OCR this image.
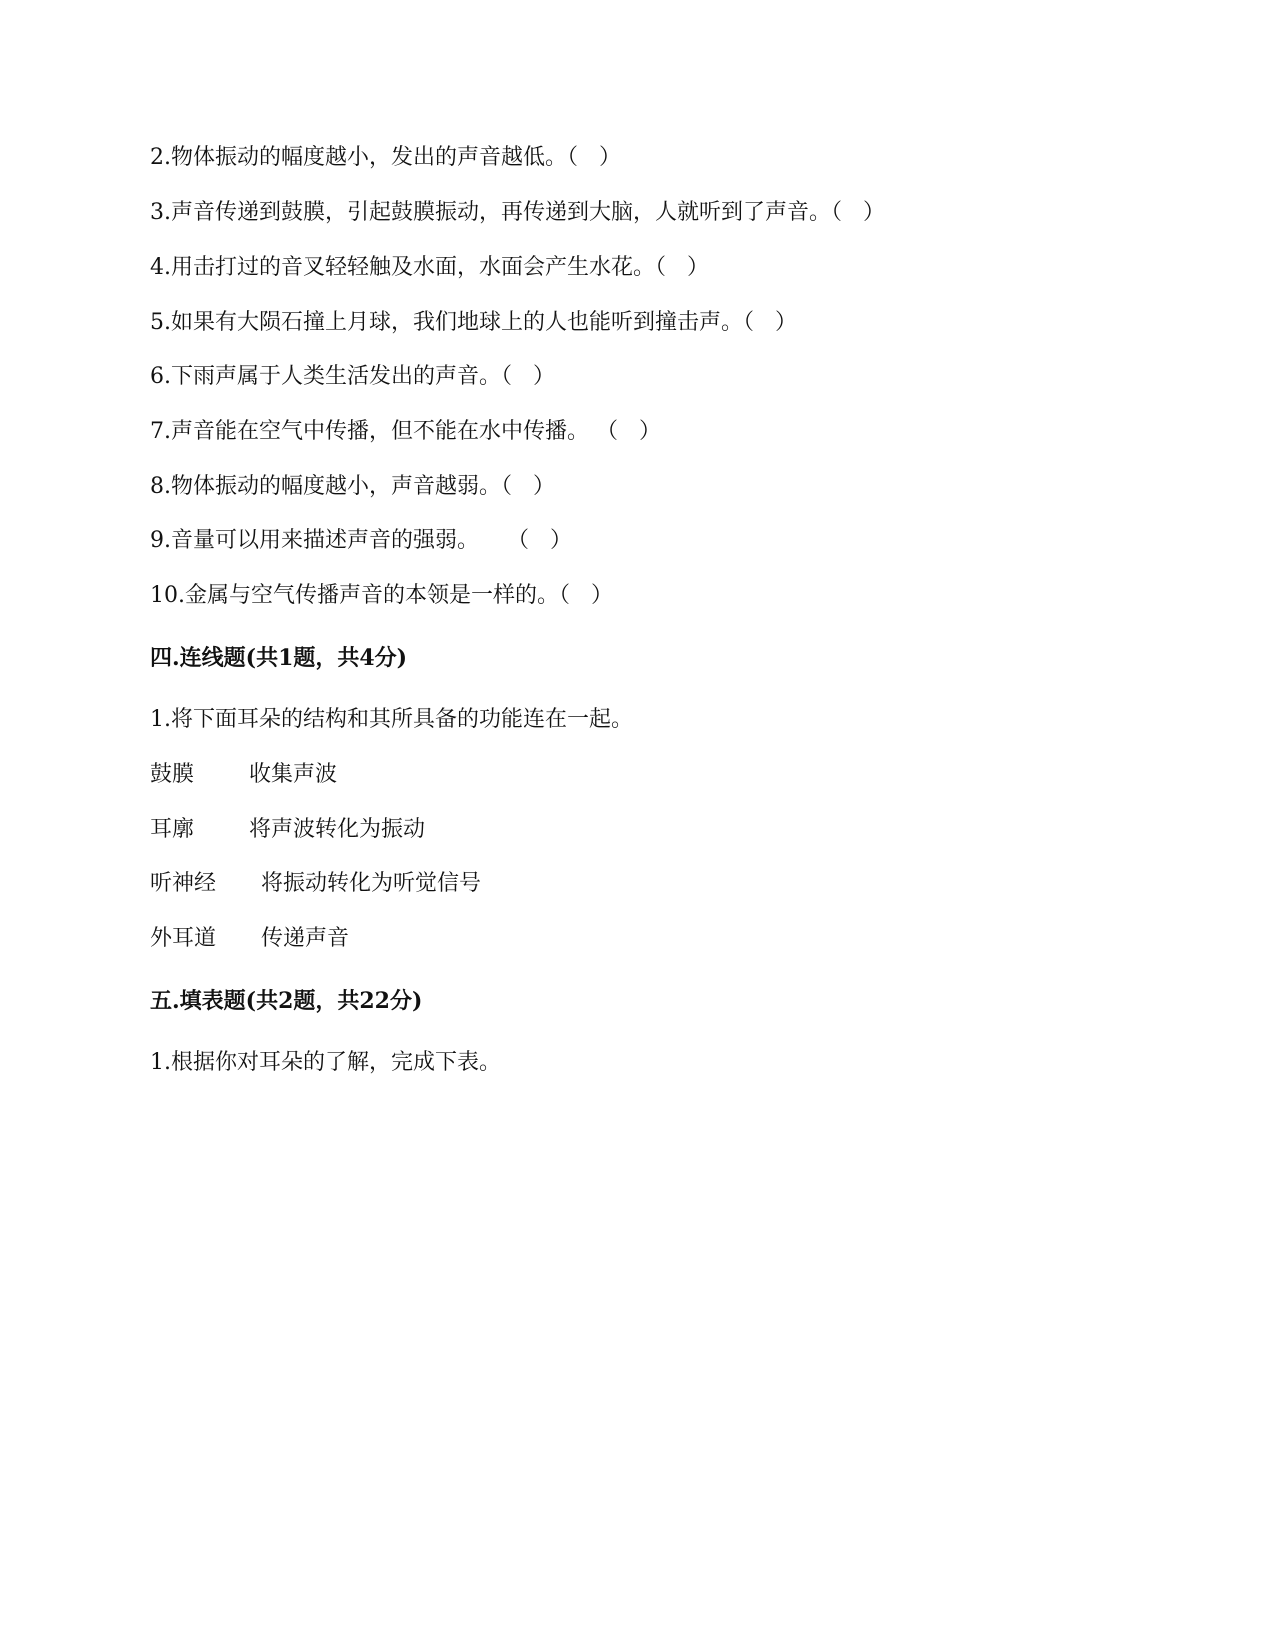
2.物体振动的幅度越小，发出的声音越低。（   ）
3.声音传递到鼓膜，引起鼓膜振动，再传递到大脑，人就听到了声音。（   ）
4.用击打过的音叉轻轻触及水面，水面会产生水花。（   ）
5.如果有大陨石撞上月球，我们地球上的人也能听到撞击声。（   ）
6.下雨声属于人类生活发出的声音。（   ）
7.声音能在空气中传播，但不能在水中传播。 （   ）
8.物体振动的幅度越小，声音越弱。（   ）
9.音量可以用来描述声音的强弱。    （   ）
10.金属与空气传播声音的本领是一样的。（   ）
四.连线题(共1题，共4分)
1.将下面耳朵的结构和其所具备的功能连在一起。
鼓膜 收集声波
耳廓 将声波转化为振动
听神经 将振动转化为听觉信号
外耳道 传递声音
五.填表题(共2题，共22分)
1.根据你对耳朵的了解，完成下表。
